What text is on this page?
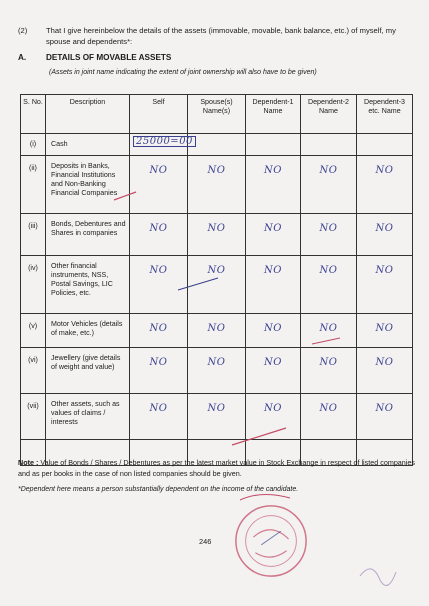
(2) That I give hereinbelow the details of the assets (immovable, movable, bank balance, etc.) of myself, my spouse and dependents*:
A. DETAILS OF MOVABLE ASSETS
(Assets in joint name indicating the extent of joint ownership will also have to be given)
S. No.	Description	Self	Spouse(s) Name(s)	Dependent-1 Name	Dependent-2 Name	Dependent-3 etc. Name
(i)	Cash	25000=00				
(ii)	Deposits in Banks, Financial Institutions and Non-Banking Financial Companies	NO	NO	NO	NO	NO

(iii)	Bonds, Debentures and Shares in companies	NO	NO	NO	NO	NO

(iv)	Other financial instruments, NSS, Postal Savings, LIC Policies, etc.	NO	NO	NO	NO	NO

(v)	Motor Vehicles (details of make, etc.)	NO	NO	NO	NO	NO

(vi)	Jewellery (give details of weight and value)	NO	NO	NO	NO	NO

(vii)	Other assets, such as values of claims / interests	NO	NO	NO	NO	NO

Note : Value of Bonds / Shares / Debentures as per the latest market value in Stock Exchange in respect of listed companies and as per books in the case of non listed companies should be given.
*Dependent here means a person substantially dependent on the income of the candidate.
246
